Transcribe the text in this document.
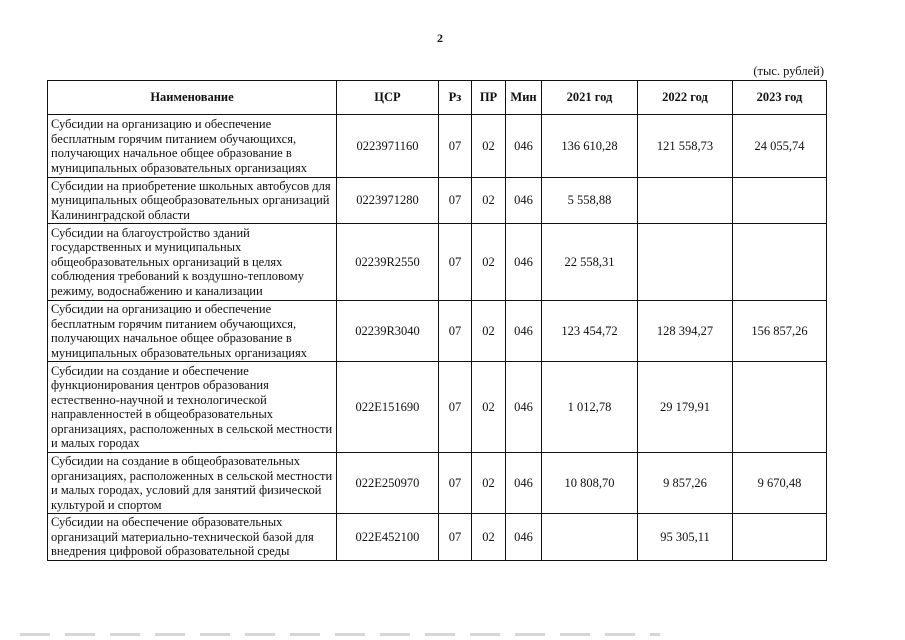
2
(тыс. рублей)
Наименование	ЦСР	Рз	ПР	Мин	2021 год	2022 год	2023 год
Субсидии на организацию и обеспечение бесплатным горячим питанием обучающихся, получающих начальное общее образование в муниципальных образовательных организациях	0223971160	07	02	046	136 610,28	121 558,73	24 055,74
Субсидии на приобретение школьных автобусов для муниципальных общеобразовательных организаций Калининградской области	0223971280	07	02	046	5 558,88		
Субсидии на благоустройство зданий государственных и муниципальных общеобразовательных организаций в целях соблюдения требований к воздушно-тепловому режиму, водоснабжению и канализации	02239R2550	07	02	046	22 558,31		
Субсидии на организацию и обеспечение бесплатным горячим питанием обучающихся, получающих начальное общее образование в муниципальных образовательных организациях	02239R3040	07	02	046	123 454,72	128 394,27	156 857,26
Субсидии на создание и обеспечение функционирования центров образования естественно-научной и технологической направленностей в общеобразовательных организациях, расположенных в сельской местности и малых городах	022E151690	07	02	046	1 012,78	29 179,91	
Субсидии на создание в общеобразовательных организациях, расположенных в сельской местности и малых городах, условий для занятий физической культурой и спортом	022E250970	07	02	046	10 808,70	9 857,26	9 670,48
Субсидии на обеспечение образовательных организаций материально-технической базой для внедрения цифровой образовательной среды	022E452100	07	02	046		95 305,11	
